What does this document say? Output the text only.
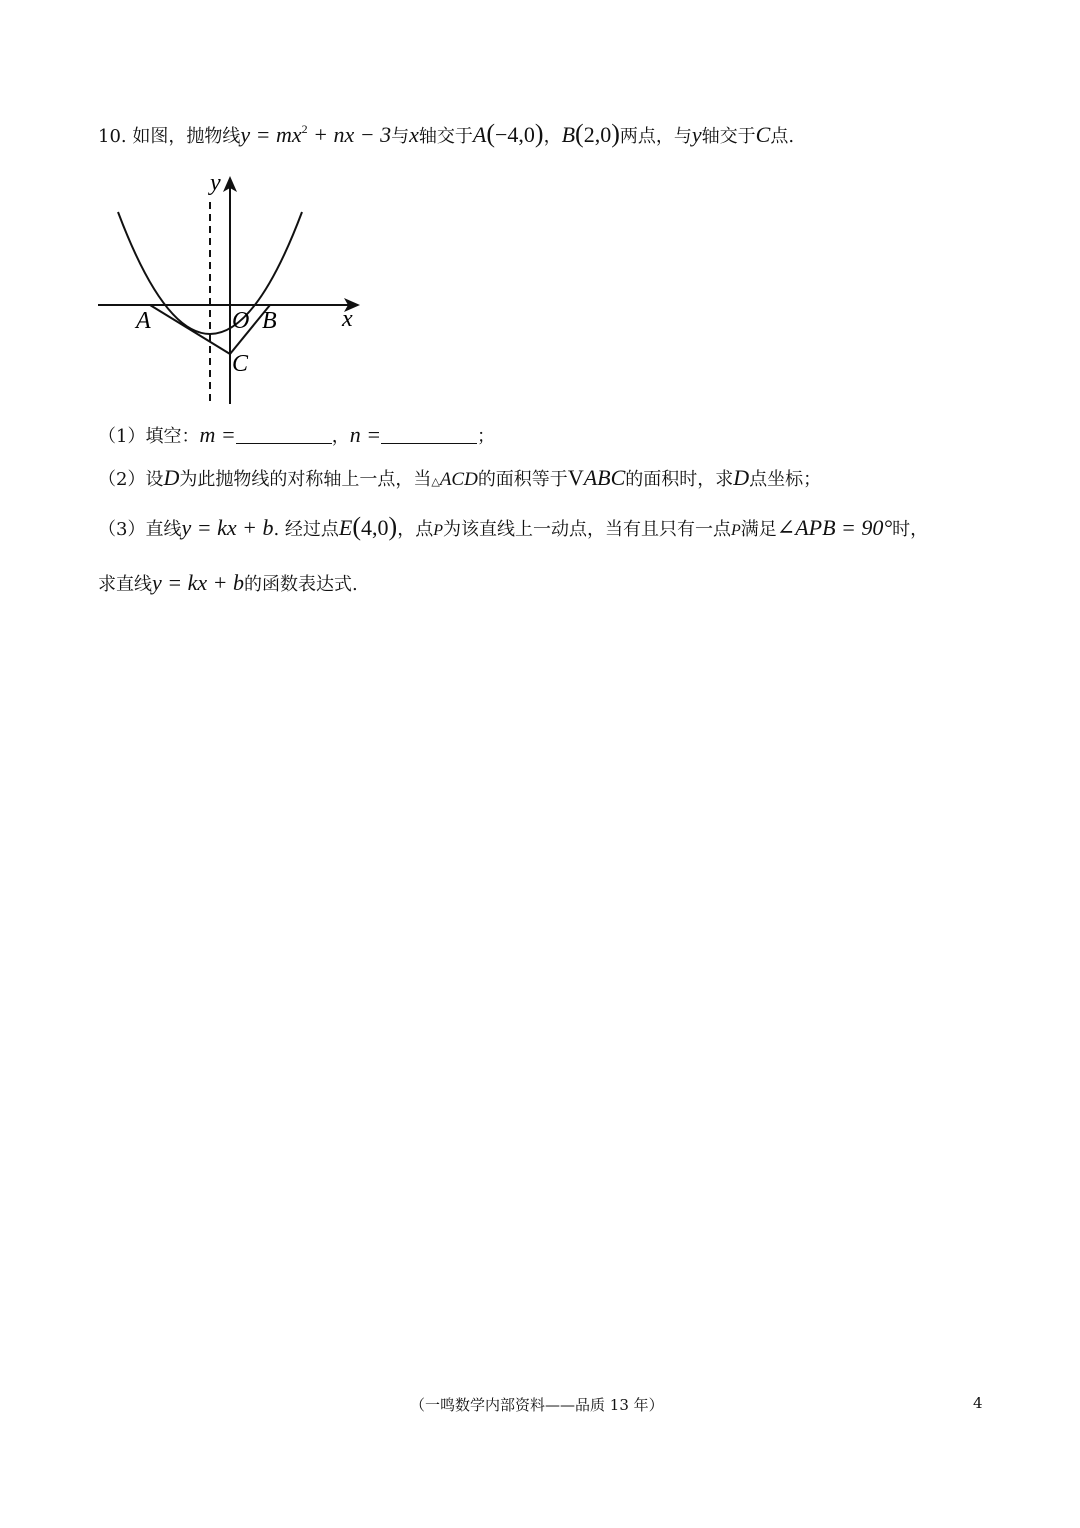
10. 如图，抛物线$y = mx^2$ + nx − 3与x轴交于A(−4,0)，B(2,0)两点，与y轴交于C点.
y
x
A	O B
C
（1）填空：m =	，n =	；
（2）设D为此抛物线的对称轴上一点，当△ACD的面积等于VABC的面积时，求D点坐标；
（3）直线y = kx + b. 经过点E(4,0)，点P为该直线上一动点，当有且只有一点P满足∠APB = 90°时，
求直线y = kx + b的函数表达式.
（一鸣数学内部资料——品质 13 年）	4
